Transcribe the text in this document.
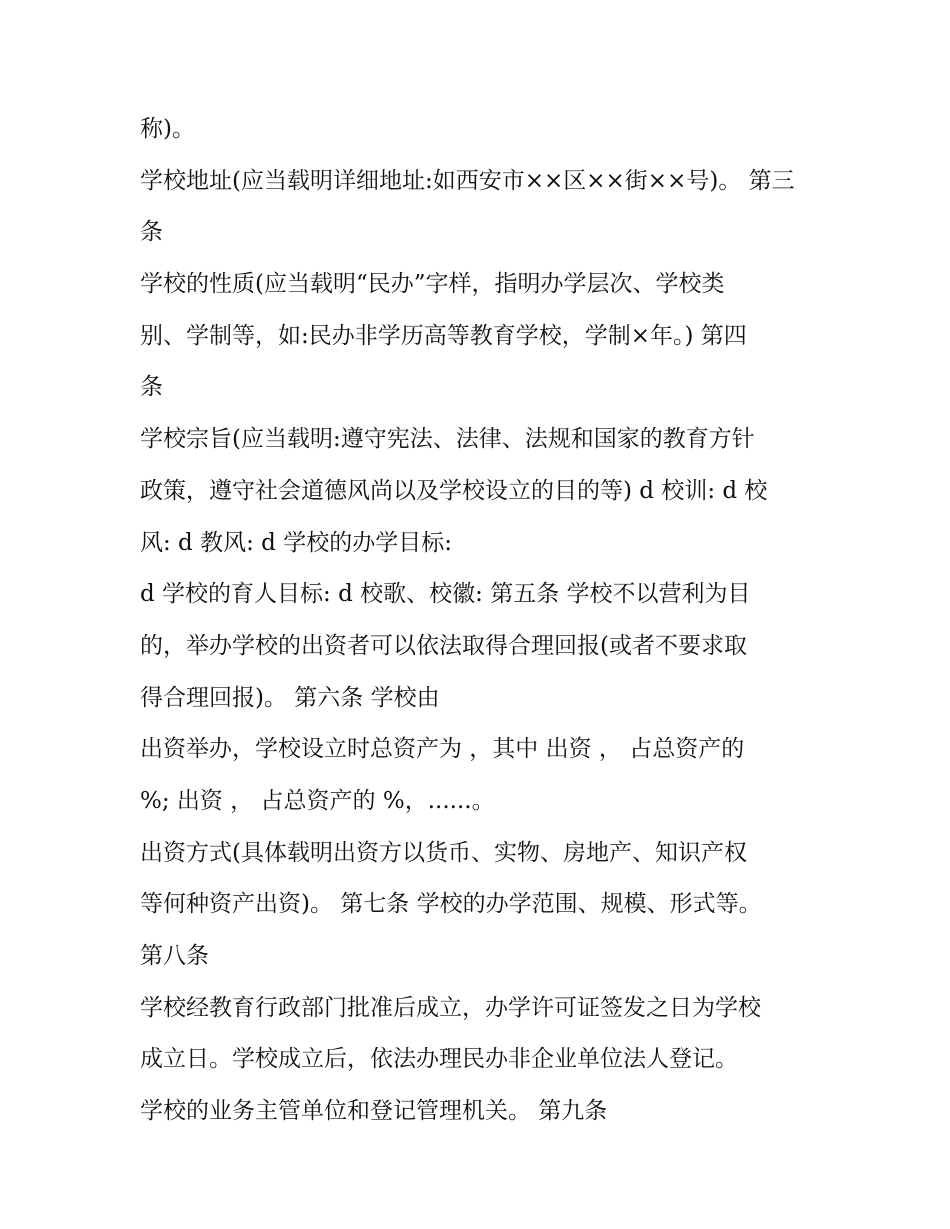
称)。
学校地址(应当载明详细地址:如西安市××区××街××号)。 第三
条
学校的性质(应当载明“民办”字样，指明办学层次、学校类
别、学制等，如:民办非学历高等教育学校，学制×年。) 第四
条
学校宗旨(应当载明:遵守宪法、法律、法规和国家的教育方针
政策，遵守社会道德风尚以及学校设立的目的等) d 校训: d 校
风: d 教风: d 学校的办学目标:
d 学校的育人目标: d 校歌、校徽: 第五条 学校不以营利为目
的，举办学校的出资者可以依法取得合理回报(或者不要求取
得合理回报)。 第六条 学校由
出资举办，学校设立时总资产为 ，其中 出资 ， 占总资产的
%; 出资 ， 占总资产的 %，......。
出资方式(具体载明出资方以货币、实物、房地产、知识产权
等何种资产出资)。 第七条 学校的办学范围、规模、形式等。
第八条
学校经教育行政部门批准后成立，办学许可证签发之日为学校
成立日。学校成立后，依法办理民办非企业单位法人登记。
学校的业务主管单位和登记管理机关。 第九条
